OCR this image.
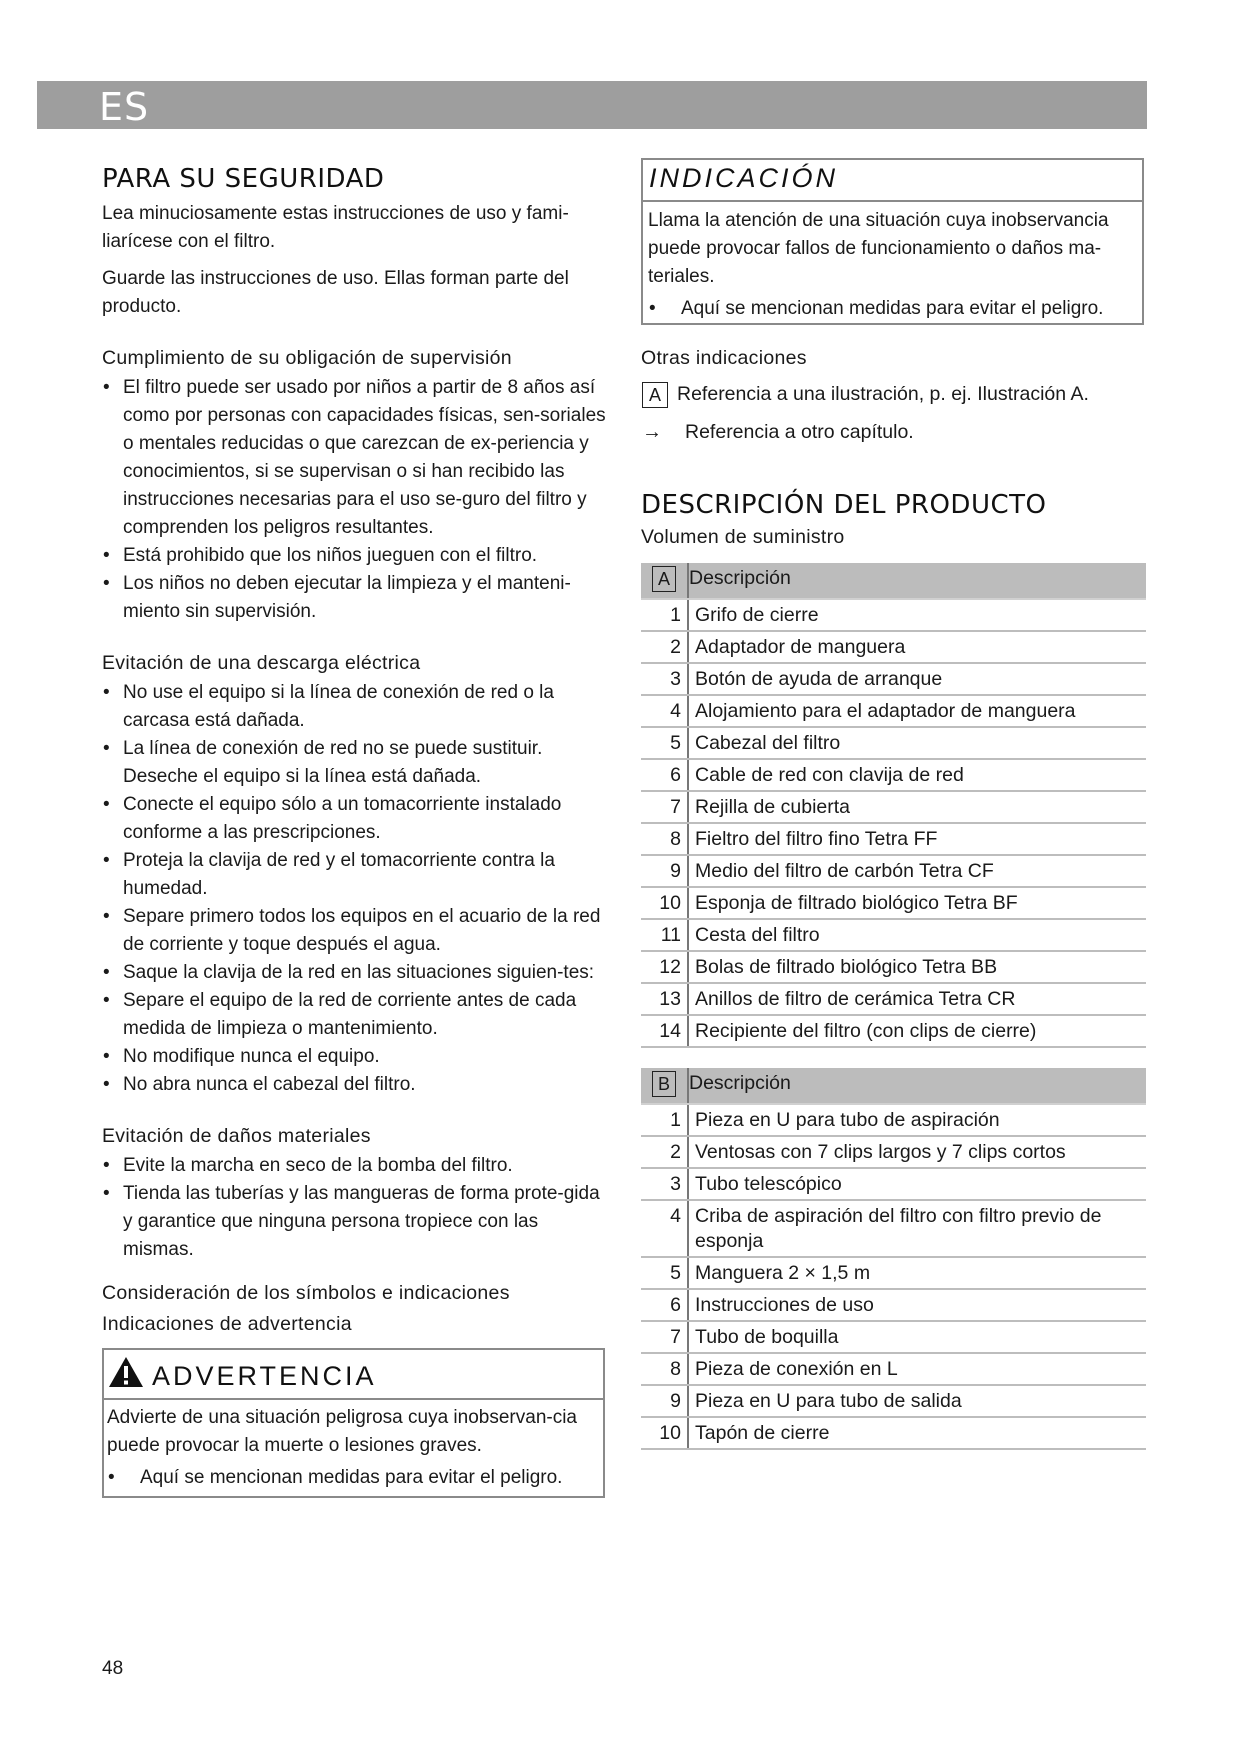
ES
PARA SU SEGURIDAD

Lea minuciosamente estas instrucciones de uso y fami-liarícese con el filtro.

Guarde las instrucciones de uso. Ellas forman parte del producto.

Cumplimiento de su obligación de supervisión
• El filtro puede ser usado por niños a partir de 8 años así como por personas con capacidades físicas, sen-soriales o mentales reducidas o que carezcan de ex-periencia y conocimientos, si se supervisan o si han recibido las instrucciones necesarias para el uso se-guro del filtro y comprenden los peligros resultantes.
• Está prohibido que los niños jueguen con el filtro.
• Los niños no deben ejecutar la limpieza y el manteni-miento sin supervisión.
Evitación de una descarga eléctrica
• No use el equipo si la línea de conexión de red o la carcasa está dañada.
• La línea de conexión de red no se puede sustituir. Deseche el equipo si la línea está dañada.
• Conecte el equipo sólo a un tomacorriente instalado conforme a las prescripciones.
• Proteja la clavija de red y el tomacorriente contra la humedad.
• Separe primero todos los equipos en el acuario de la red de corriente y toque después el agua.
• Saque la clavija de la red en las situaciones siguien-tes:
• Separe el equipo de la red de corriente antes de cada medida de limpieza o mantenimiento.
• No modifique nunca el equipo.
• No abra nunca el cabezal del filtro.
Evitación de daños materiales
• Evite la marcha en seco de la bomba del filtro.
• Tienda las tuberías y las mangueras de forma prote-gida y garantice que ninguna persona tropiece con las mismas.
Consideración de los símbolos e indicaciones
Indicaciones de advertencia
ADVERTENCIA

Advierte de una situación peligrosa cuya inobservan-cia puede provocar la muerte o lesiones graves.

• Aquí se mencionan medidas para evitar el peligro.
INDICACIÓN

Llama la atención de una situación cuya inobservancia puede provocar fallos de funcionamiento o daños ma-teriales.

• Aquí se mencionan medidas para evitar el peligro.
Otras indicaciones
A Referencia a una ilustración, p. ej. Ilustración A.
→ Referencia a otro capítulo.
DESCRIPCIÓN DEL PRODUCTO
Volumen de suministro
A	Descripción
1	Grifo de cierre
2	Adaptador de manguera
3	Botón de ayuda de arranque
4	Alojamiento para el adaptador de manguera
5	Cabezal del filtro
6	Cable de red con clavija de red
7	Rejilla de cubierta
8	Fieltro del filtro fino Tetra FF
9	Medio del filtro de carbón Tetra CF
10	Esponja de filtrado biológico Tetra BF
11	Cesta del filtro
12	Bolas de filtrado biológico Tetra BB
13	Anillos de filtro de cerámica Tetra CR
14	Recipiente del filtro (con clips de cierre)
B	Descripción
1	Pieza en U para tubo de aspiración
2	Ventosas con 7 clips largos y 7 clips cortos
3	Tubo telescópico
4	Criba de aspiración del filtro con filtro previo de esponja
5	Manguera 2 × 1,5 m
6	Instrucciones de uso
7	Tubo de boquilla
8	Pieza de conexión en L
9	Pieza en U para tubo de salida
10	Tapón de cierre
48
